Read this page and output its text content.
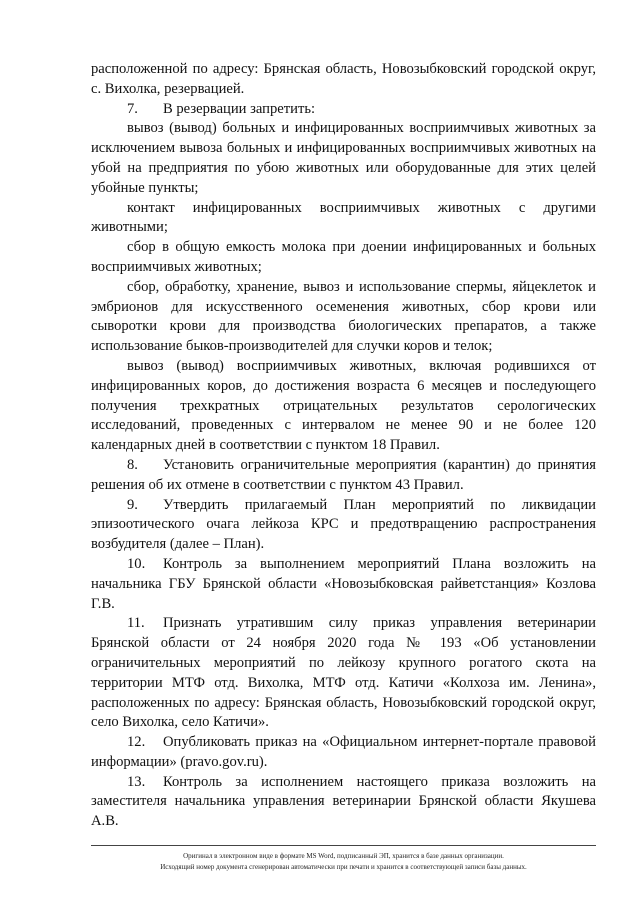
расположенной по адресу: Брянская область, Новозыбковский городской округ, с. Вихолка, резервацией.

7. В резервации запретить:

вывоз (вывод) больных и инфицированных восприимчивых животных за исключением вывоза больных и инфицированных восприимчивых животных на убой на предприятия по убою животных или оборудованные для этих целей убойные пункты;

контакт инфицированных восприимчивых животных с другими животными;

сбор в общую емкость молока при доении инфицированных и больных восприимчивых животных;

сбор, обработку, хранение, вывоз и использование спермы, яйцеклеток и эмбрионов для искусственного осеменения животных, сбор крови или сыворотки крови для производства биологических препаратов, а также использование быков-производителей для случки коров и телок;

вывоз (вывод) восприимчивых животных, включая родившихся от инфицированных коров, до достижения возраста 6 месяцев и последующего получения трехкратных отрицательных результатов серологических исследований, проведенных с интервалом не менее 90 и не более 120 календарных дней в соответствии с пунктом 18 Правил.

8. Установить ограничительные мероприятия (карантин) до принятия решения об их отмене в соответствии с пунктом 43 Правил.

9. Утвердить прилагаемый План мероприятий по ликвидации эпизоотического очага лейкоза КРС и предотвращению распространения возбудителя (далее – План).

10. Контроль за выполнением мероприятий Плана возложить на начальника ГБУ Брянской области «Новозыбковская райветстанция» Козлова Г.В.

11. Признать утратившим силу приказ управления ветеринарии Брянской области от 24 ноября 2020 года № 193 «Об установлении ограничительных мероприятий по лейкозу крупного рогатого скота на территории МТФ отд. Вихолка, МТФ отд. Катичи «Колхоза им. Ленина», расположенных по адресу: Брянская область, Новозыбковский городской округ, село Вихолка, село Катичи».

12. Опубликовать приказ на «Официальном интернет-портале правовой информации» (pravo.gov.ru).

13. Контроль за исполнением настоящего приказа возложить на заместителя начальника управления ветеринарии Брянской области Якушева А.В.

Оригинал в электронном виде в формате MS Word, подписанный ЭП, хранится в базе данных организации.
Исходящий номер документа сгенерирован автоматически при печати и хранится в соответствующей записи базы данных.
